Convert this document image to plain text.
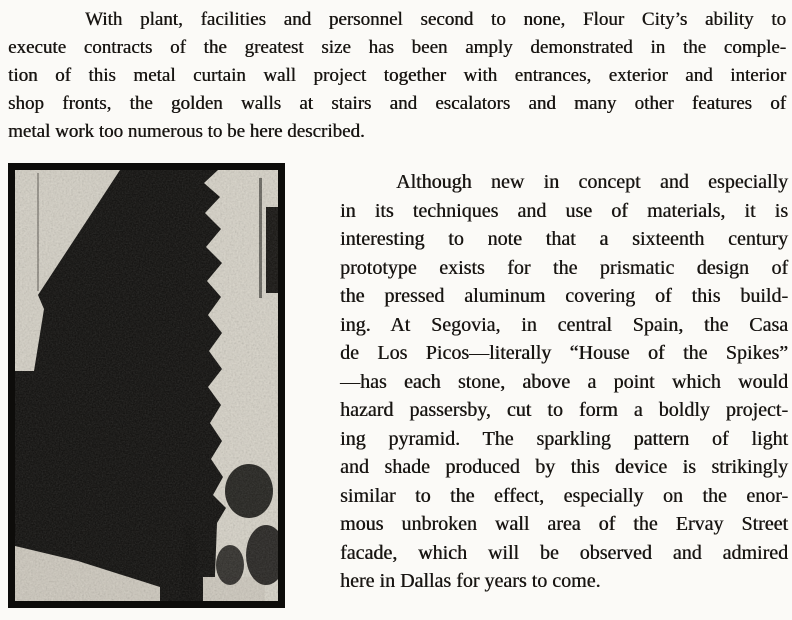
With plant, facilities and personnel second to none, Flour City’s ability to
execute contracts of the greatest size has been amply demonstrated in the comple-
tion of this metal curtain wall project together with entrances, exterior and interior
shop fronts, the golden walls at stairs and escalators and many other features of
metal work too numerous to be here described.
Although new in concept and especially
in its techniques and use of materials, it is
interesting to note that a sixteenth century
prototype exists for the prismatic design of
the pressed aluminum covering of this build-
ing. At Segovia, in central Spain, the Casa
de Los Picos—literally “House of the Spikes”
—has each stone, above a point which would
hazard passersby, cut to form a boldly project-
ing pyramid. The sparkling pattern of light
and shade produced by this device is strikingly
similar to the effect, especially on the enor-
mous unbroken wall area of the Ervay Street
facade, which will be observed and admired
here in Dallas for years to come.
